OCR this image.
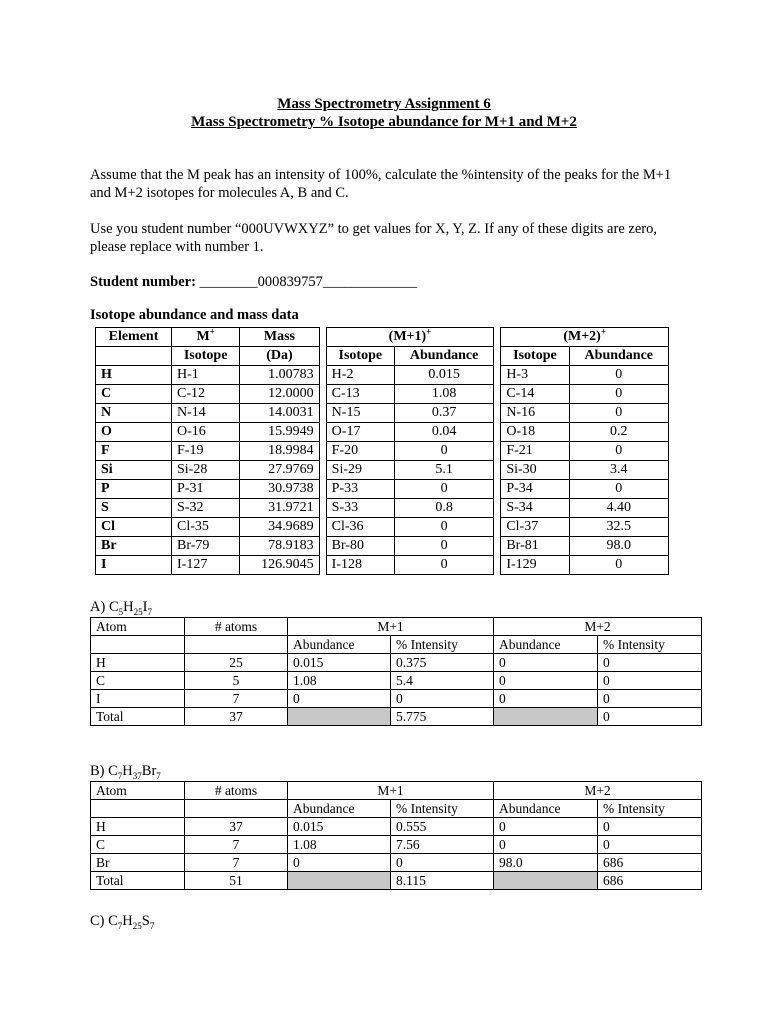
Mass Spectrometry Assignment 6
Mass Spectrometry % Isotope abundance for M+1 and M+2

Assume that the M peak has an intensity of 100%, calculate the %intensity of the peaks for the M+1 and M+2 isotopes for molecules A, B and C.

Use you student number “000UVWXYZ” to get values for X, Y, Z. If any of these digits are zero, please replace with number 1.

Student number: ________000839757_____________
Isotope abundance and mass data
Element	M+	Mass		(M+1)+			(M+2)+
	Isotope	(Da)		Isotope	Abundance		Isotope	Abundance
H	H-1	1.00783		H-2	0.015		H-3	0
C	C-12	12.0000		C-13	1.08		C-14	0
N	N-14	14.0031		N-15	0.37		N-16	0
O	O-16	15.9949		O-17	0.04		O-18	0.2
F	F-19	18.9984		F-20	0		F-21	0
Si	Si-28	27.9769		Si-29	5.1		Si-30	3.4
P	P-31	30.9738		P-33	0		P-34	0
S	S-32	31.9721		S-33	0.8		S-34	4.40
Cl	Cl-35	34.9689		Cl-36	0		Cl-37	32.5
Br	Br-79	78.9183		Br-80	0		Br-81	98.0
I	I-127	126.9045		I-128	0		I-129	0
A) $C_5H_{25}I_7$
Atom	# atoms	M+1		M+2	
		Abundance	% Intensity	Abundance	% Intensity
H	25	0.015	0.375	0	0
C	5	1.08	5.4	0	0
I	7	0	0	0	0
Total	37		5.775		0
B) $C_7H_{37}Br_7$
Atom	# atoms	M+1		M+2	
		Abundance	% Intensity	Abundance	% Intensity
H	37	0.015	0.555	0	0
C	7	1.08	7.56	0	0
Br	7	0	0	98.0	686
Total	51		8.115		686
C) $C_7H_{25}S_7$
